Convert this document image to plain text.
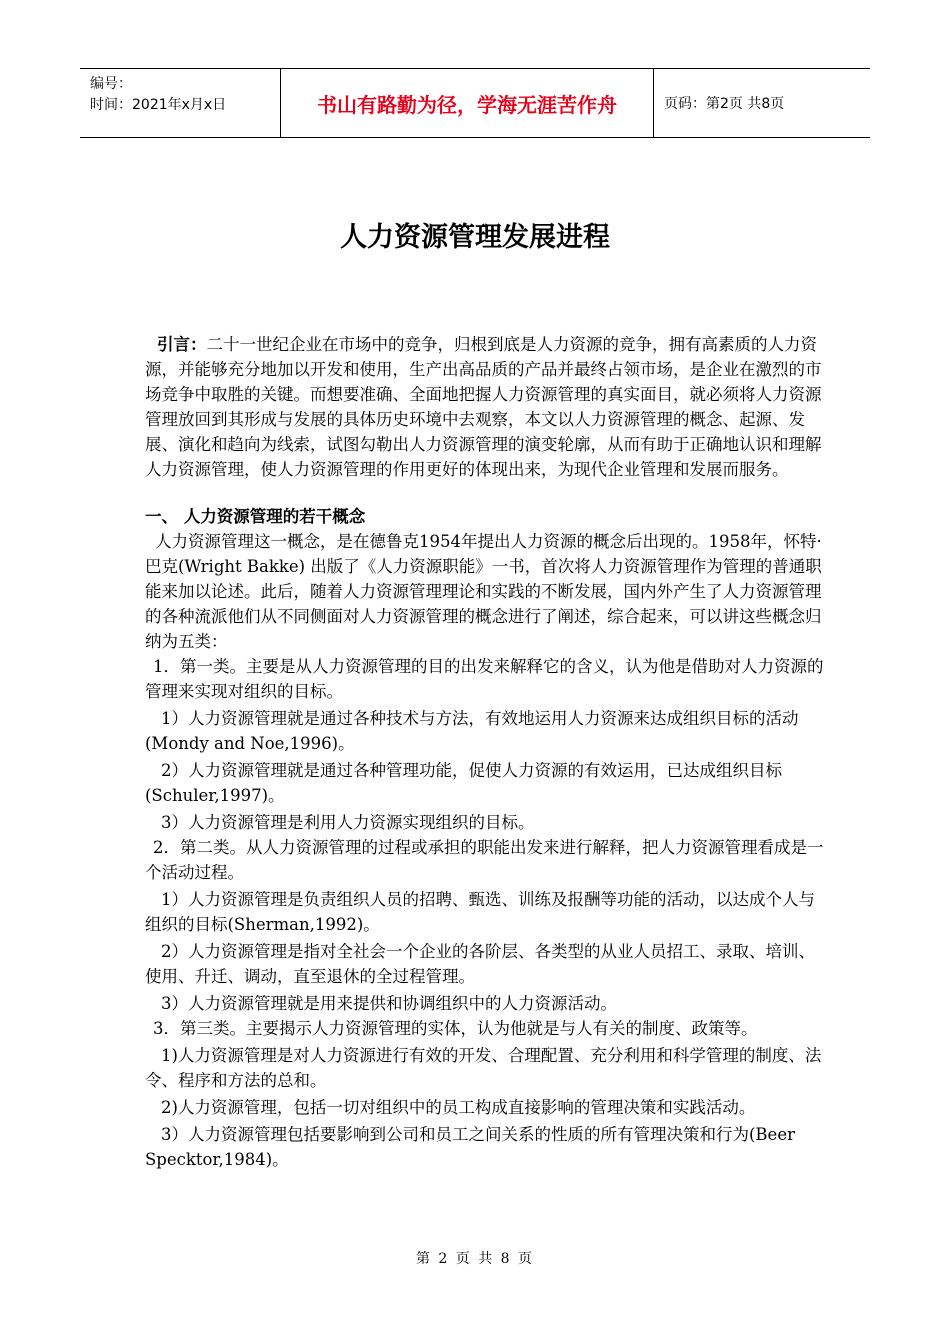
编号：
时间：2021年x月x日	书山有路勤为径，学海无涯苦作舟	页码：第2页 共8页
人力资源管理发展进程

引言：二十一世纪企业在市场中的竞争，归根到底是人力资源的竞争，拥有高素质的人力资源，并能够充分地加以开发和使用，生产出高品质的产品并最终占领市场，是企业在激烈的市场竞争中取胜的关键。而想要准确、全面地把握人力资源管理的真实面目，就必须将人力资源管理放回到其形成与发展的具体历史环境中去观察，本文以人力资源管理的概念、起源、发展、演化和趋向为线索，试图勾勒出人力资源管理的演变轮廓，从而有助于正确地认识和理解人力资源管理，使人力资源管理的作用更好的体现出来，为现代企业管理和发展而服务。

一、 人力资源管理的若干概念

人力资源管理这一概念，是在德鲁克1954年提出人力资源的概念后出现的。1958年，怀特·巴克(Wright Bakke) 出版了《人力资源职能》一书，首次将人力资源管理作为管理的普通职能来加以论述。此后，随着人力资源管理理论和实践的不断发展，国内外产生了人力资源管理的各种流派他们从不同侧面对人力资源管理的概念进行了阐述，综合起来，可以讲这些概念归纳为五类：

1．第一类。主要是从人力资源管理的目的出发来解释它的含义，认为他是借助对人力资源的管理来实现对组织的目标。

1）人力资源管理就是通过各种技术与方法，有效地运用人力资源来达成组织目标的活动(Mondy and Noe,1996)。

2）人力资源管理就是通过各种管理功能，促使人力资源的有效运用，已达成组织目标(Schuler,1997)。

3）人力资源管理是利用人力资源实现组织的目标。

2．第二类。从人力资源管理的过程或承担的职能出发来进行解释，把人力资源管理看成是一个活动过程。

1）人力资源管理是负责组织人员的招聘、甄选、训练及报酬等功能的活动，以达成个人与组织的目标(Sherman,1992)。

2）人力资源管理是指对全社会一个企业的各阶层、各类型的从业人员招工、录取、培训、使用、升迁、调动，直至退休的全过程管理。

3）人力资源管理就是用来提供和协调组织中的人力资源活动。

3．第三类。主要揭示人力资源管理的实体，认为他就是与人有关的制度、政策等。

1)人力资源管理是对人力资源进行有效的开发、合理配置、充分利用和科学管理的制度、法令、程序和方法的总和。

2)人力资源管理，包括一切对组织中的员工构成直接影响的管理决策和实践活动。

3）人力资源管理包括要影响到公司和员工之间关系的性质的所有管理决策和行为(Beer Specktor,1984)。

第 2 页 共 8 页
